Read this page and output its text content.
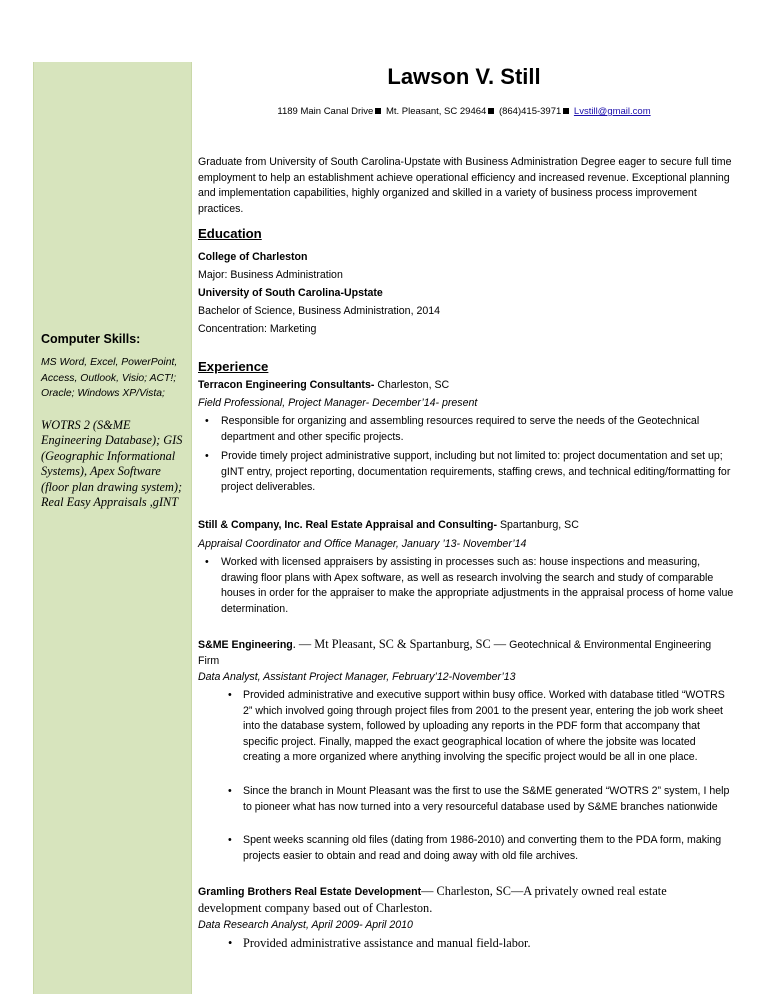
Computer Skills:
MS Word, Excel, PowerPoint, Access, Outlook, Visio; ACT!; Oracle; Windows XP/Vista;
WOTRS 2 (S&ME Engineering Database); GIS (Geographic Informational Systems), Apex Software (floor plan drawing system); Real Easy Appraisals ,gINT
Lawson V. Still
1189 Main Canal Drive Mt. Pleasant, SC 29464 (864)415-3971 Lvstill@gmail.com
Graduate from University of South Carolina-Upstate with Business Administration Degree eager to secure full time employment to help an establishment achieve operational efficiency and increased revenue. Exceptional planning and implementation capabilities, highly organized and skilled in a variety of business process improvement practices.
Education
College of Charleston
Major: Business Administration
University of South Carolina-Upstate
Bachelor of Science, Business Administration, 2014
Concentration: Marketing
Experience
Terracon Engineering Consultants- Charleston, SC
Field Professional, Project Manager- December’14- present
• Responsible for organizing and assembling resources required to serve the needs of the Geotechnical department and other specific projects.
• Provide timely project administrative support, including but not limited to: project documentation and set up; gINT entry, project reporting, documentation requirements, staffing crews, and technical editing/formatting for project deliverables.
Still & Company, Inc. Real Estate Appraisal and Consulting- Spartanburg, SC
Appraisal Coordinator and Office Manager, January ’13- November’14
• Worked with licensed appraisers by assisting in processes such as: house inspections and measuring, drawing floor plans with Apex software, as well as research involving the search and study of comparable houses in order for the appraiser to make the appropriate adjustments in the appraisal process of home value determination.
S&ME Engineering. — Mt Pleasant, SC & Spartanburg, SC — Geotechnical & Environmental Engineering Firm
Data Analyst, Assistant Project Manager, February’12-November’13
• Provided administrative and executive support within busy office. Worked with database titled “WOTRS 2” which involved going through project files from 2001 to the present year, entering the job work sheet into the database system, followed by uploading any reports in the PDF form that accompany that specific project. Finally, mapped the exact geographical location of where the jobsite was located creating a more organized where anything involving the specific project would be all in one place.
• Since the branch in Mount Pleasant was the first to use the S&ME generated “WOTRS 2” system, I help to pioneer what has now turned into a very resourceful database used by S&ME branches nationwide
• Spent weeks scanning old files (dating from 1986-2010) and converting them to the PDA form, making projects easier to obtain and read and doing away with old file archives.
Gramling Brothers Real Estate Development— Charleston, SC—A privately owned real estate development company based out of Charleston.
Data Research Analyst, April 2009- April 2010
• Provided administrative assistance and manual field-labor.
